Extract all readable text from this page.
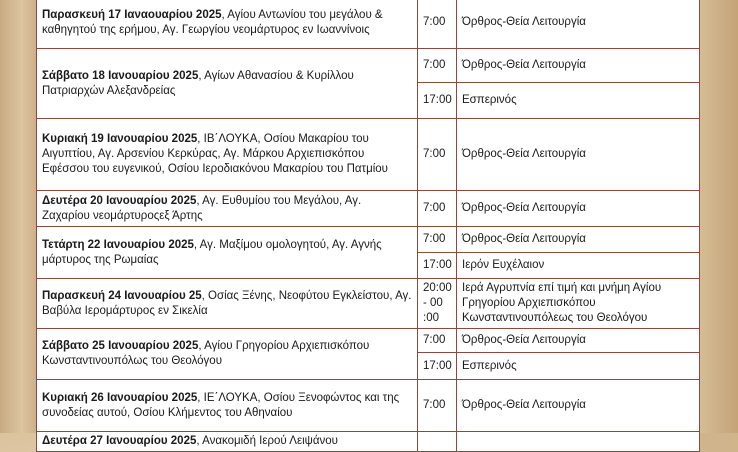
Παρασκευή 17 Ιαναουαρίου 2025, Αγίου Αντωνίου του μεγάλου & καθηγητού της ερήμου, Αγ. Γεωργίου νεομάρτυρος εν Ιωαννίνοις	7:00	Όρθρος-Θεία Λειτουργία
Σάββατο 18 Ιανουαρίου 2025, Αγίων Αθανασίου & Κυρίλλου Πατριαρχών Αλεξανδρείας	7:00	Όρθρος-Θεία Λειτουργία
	17:00	Εσπερινός
Κυριακή 19 Ιανουαρίου 2025, ΙΒ΄ΛΟΥΚΑ, Οσίου Μακαρίου του Αιγυπτίου, Αγ. Αρσενίου Κερκύρας, Αγ. Μάρκου Αρχιεπισκόπου Εφέσσου του ευγενικού, Οσίου Ιεροδιακόνου Μακαρίου του Πατμίου	7:00	Όρθρος-Θεία Λειτουργία
Δευτέρα 20 Ιανουαρίου 2025, Αγ. Ευθυμίου του Μεγάλου, Αγ. Ζαχαρίου νεομάρτυροςεξ Άρτης	7:00	Όρθρος-Θεία Λειτουργία
Τετάρτη 22 Ιανουαρίου 2025, Αγ. Μαξίμου ομολογητού, Αγ. Αγνής μάρτυρος της Ρωμαίας	7:00	Όρθρος-Θεία Λειτουργία
	17:00	Ιερόν Ευχέλαιον
Παρασκευή 24 Ιανουαρίου 25, Οσίας Ξένης, Νεοφύτου Εγκλείστου, Αγ. Βαβύλα Ιερομάρτυρος εν Σικελία	20:00 - 00 :00	Ιερά Αγρυπνία επί τιμή και μνήμη Αγίου Γρηγορίου Αρχιεπισκόπου Κωνσταντινουπόλεως του Θεολόγου
Σάββατο 25 Ιανουαρίου 2025, Αγίου Γρηγορίου Αρχιεπισκόπου Κωνσταντινουπόλως του Θεολόγου	7:00	Όρθρος-Θεία Λειτουργία
	17:00	Εσπερινός
Κυριακή 26 Ιανουαρίου 2025, ΙΕ΄ΛΟΥΚΑ, Οσίου Ξενοφώντος και της συνοδείας αυτού, Οσίου Κλήμεντος του Αθηναίου	7:00	Όρθρος-Θεία Λειτουργία
Δευτέρα 27 Ιανουαρίου 2025, Ανακομιδή Ιερού Λειψάνου		
